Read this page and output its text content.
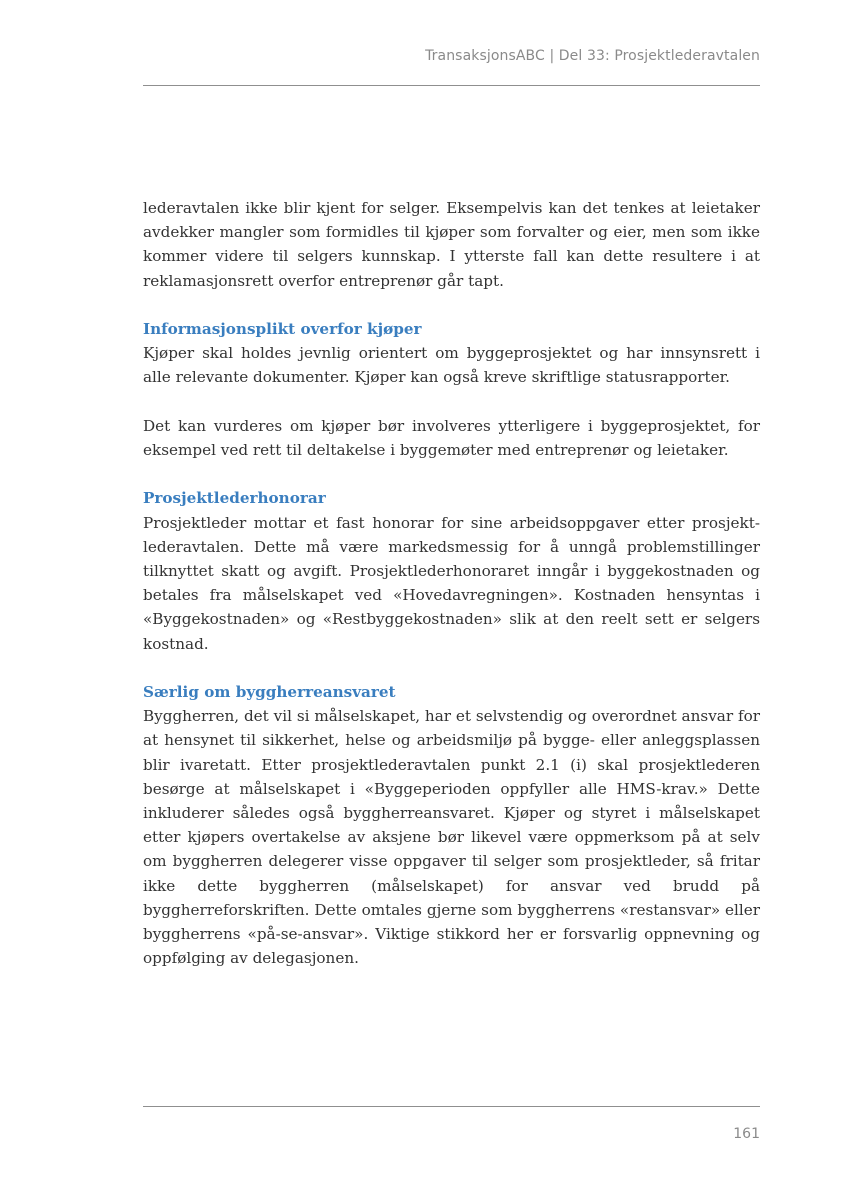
TransaksjonsABC | Del 33: Prosjektlederavtalen

lederavtalen ikke blir kjent for selger. Eksempelvis kan det tenkes at leietaker avdekker mangler som formidles til kjøper som forvalter og eier, men som ikke kommer videre til selgers kunnskap. I ytterste fall kan dette resultere i at reklamasjonsrett overfor entreprenør går tapt.

Informasjonsplikt overfor kjøper

Kjøper skal holdes jevnlig orientert om byggeprosjektet og har innsynsrett i alle relevante dokumenter. Kjøper kan også kreve skriftlige statusrapporter.

Det kan vurderes om kjøper bør involveres ytterligere i byggeprosjektet, for eksempel ved rett til deltakelse i byggemøter med entreprenør og leietaker.

Prosjektlederhonorar

Prosjektleder mottar et fast honorar for sine arbeidsoppgaver etter prosjektlederavtalen. Dette må være markedsmessig for å unngå problemstillinger tilknyttet skatt og avgift. Prosjektlederhonoraret inngår i byggekostnaden og betales fra målselskapet ved «Hovedavregningen». Kostnaden hensyntas i «Byggekostnaden» og «Restbyggekostnaden» slik at den reelt sett er selgers kostnad.

Særlig om byggherreansvaret

Byggherren, det vil si målselskapet, har et selvstendig og overordnet ansvar for at hensynet til sikkerhet, helse og arbeidsmiljø på bygge- eller anleggsplassen blir ivaretatt. Etter prosjektlederavtalen punkt 2.1 (i) skal prosjektlederen besørge at målselskapet i «Byggeperioden oppfyller alle HMS-krav.» Dette inkluderer således også byggherreansvaret. Kjøper og styret i målselskapet etter kjøpers overtakelse av aksjene bør likevel være oppmerksom på at selv om byggherren delegerer visse oppgaver til selger som prosjektleder, så fritar ikke dette byggherren (målselskapet) for ansvar ved brudd på byggherreforskriften. Dette omtales gjerne som byggherrens «restansvar» eller byggherrens «på-se-ansvar». Viktige stikkord her er forsvarlig oppnevning og oppfølging av delegasjonen.

161
